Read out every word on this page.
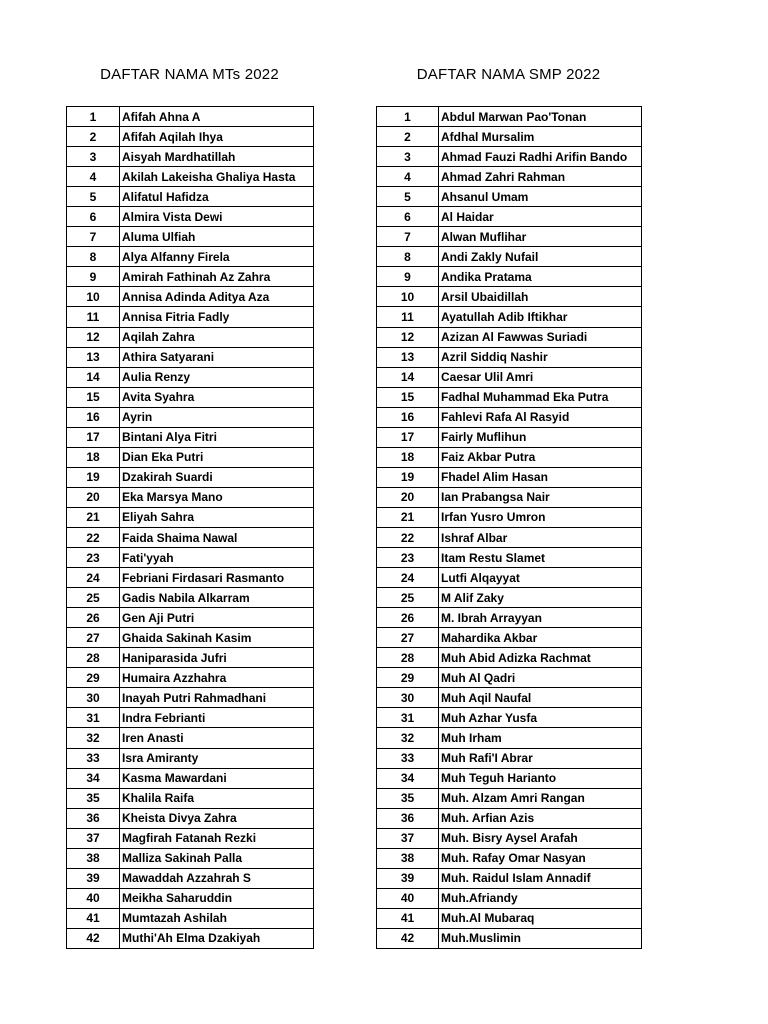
DAFTAR NAMA MTs 2022	DAFTAR NAMA SMP 2022
1	Afifah Ahna A
2	Afifah Aqilah Ihya
3	Aisyah Mardhatillah
4	Akilah Lakeisha Ghaliya Hasta
5	Alifatul Hafidza
6	Almira Vista Dewi
7	Aluma Ulfiah
8	Alya Alfanny Firela
9	Amirah Fathinah Az Zahra
10	Annisa Adinda Aditya Aza
11	Annisa Fitria Fadly
12	Aqilah Zahra
13	Athira Satyarani
14	Aulia Renzy
15	Avita Syahra
16	Ayrin
17	Bintani Alya Fitri
18	Dian Eka Putri
19	Dzakirah Suardi
20	Eka Marsya Mano
21	Eliyah Sahra
22	Faida Shaima Nawal
23	Fati'yyah
24	Febriani Firdasari Rasmanto
25	Gadis Nabila Alkarram
26	Gen Aji Putri
27	Ghaida Sakinah Kasim
28	Haniparasida Jufri
29	Humaira Azzhahra
30	Inayah Putri Rahmadhani
31	Indra Febrianti
32	Iren Anasti
33	Isra Amiranty
34	Kasma Mawardani
35	Khalila Raifa
36	Kheista Divya Zahra
37	Magfirah Fatanah Rezki
38	Malliza Sakinah Palla
39	Mawaddah Azzahrah S
40	Meikha Saharuddin
41	Mumtazah Ashilah
42	Muthi'Ah Elma Dzakiyah
1	Abdul Marwan Pao'Tonan
2	Afdhal Mursalim
3	Ahmad Fauzi Radhi Arifin Bando
4	Ahmad Zahri Rahman
5	Ahsanul Umam
6	Al Haidar
7	Alwan Muflihar
8	Andi Zakly Nufail
9	Andika Pratama
10	Arsil Ubaidillah
11	Ayatullah Adib Iftikhar
12	Azizan Al Fawwas Suriadi
13	Azril Siddiq Nashir
14	Caesar Ulil Amri
15	Fadhal Muhammad Eka Putra
16	Fahlevi Rafa Al Rasyid
17	Fairly Muflihun
18	Faiz Akbar Putra
19	Fhadel Alim Hasan
20	Ian Prabangsa Nair
21	Irfan Yusro Umron
22	Ishraf Albar
23	Itam Restu Slamet
24	Lutfi Alqayyat
25	M Alif Zaky
26	M. Ibrah Arrayyan
27	Mahardika Akbar
28	Muh Abid Adizka Rachmat
29	Muh Al Qadri
30	Muh Aqil Naufal
31	Muh Azhar Yusfa
32	Muh Irham
33	Muh Rafi'I Abrar
34	Muh Teguh Harianto
35	Muh. Alzam Amri Rangan
36	Muh. Arfian Azis
37	Muh. Bisry Aysel Arafah
38	Muh. Rafay Omar Nasyan
39	Muh. Raidul Islam Annadif
40	Muh.Afriandy
41	Muh.Al Mubaraq
42	Muh.Muslimin
